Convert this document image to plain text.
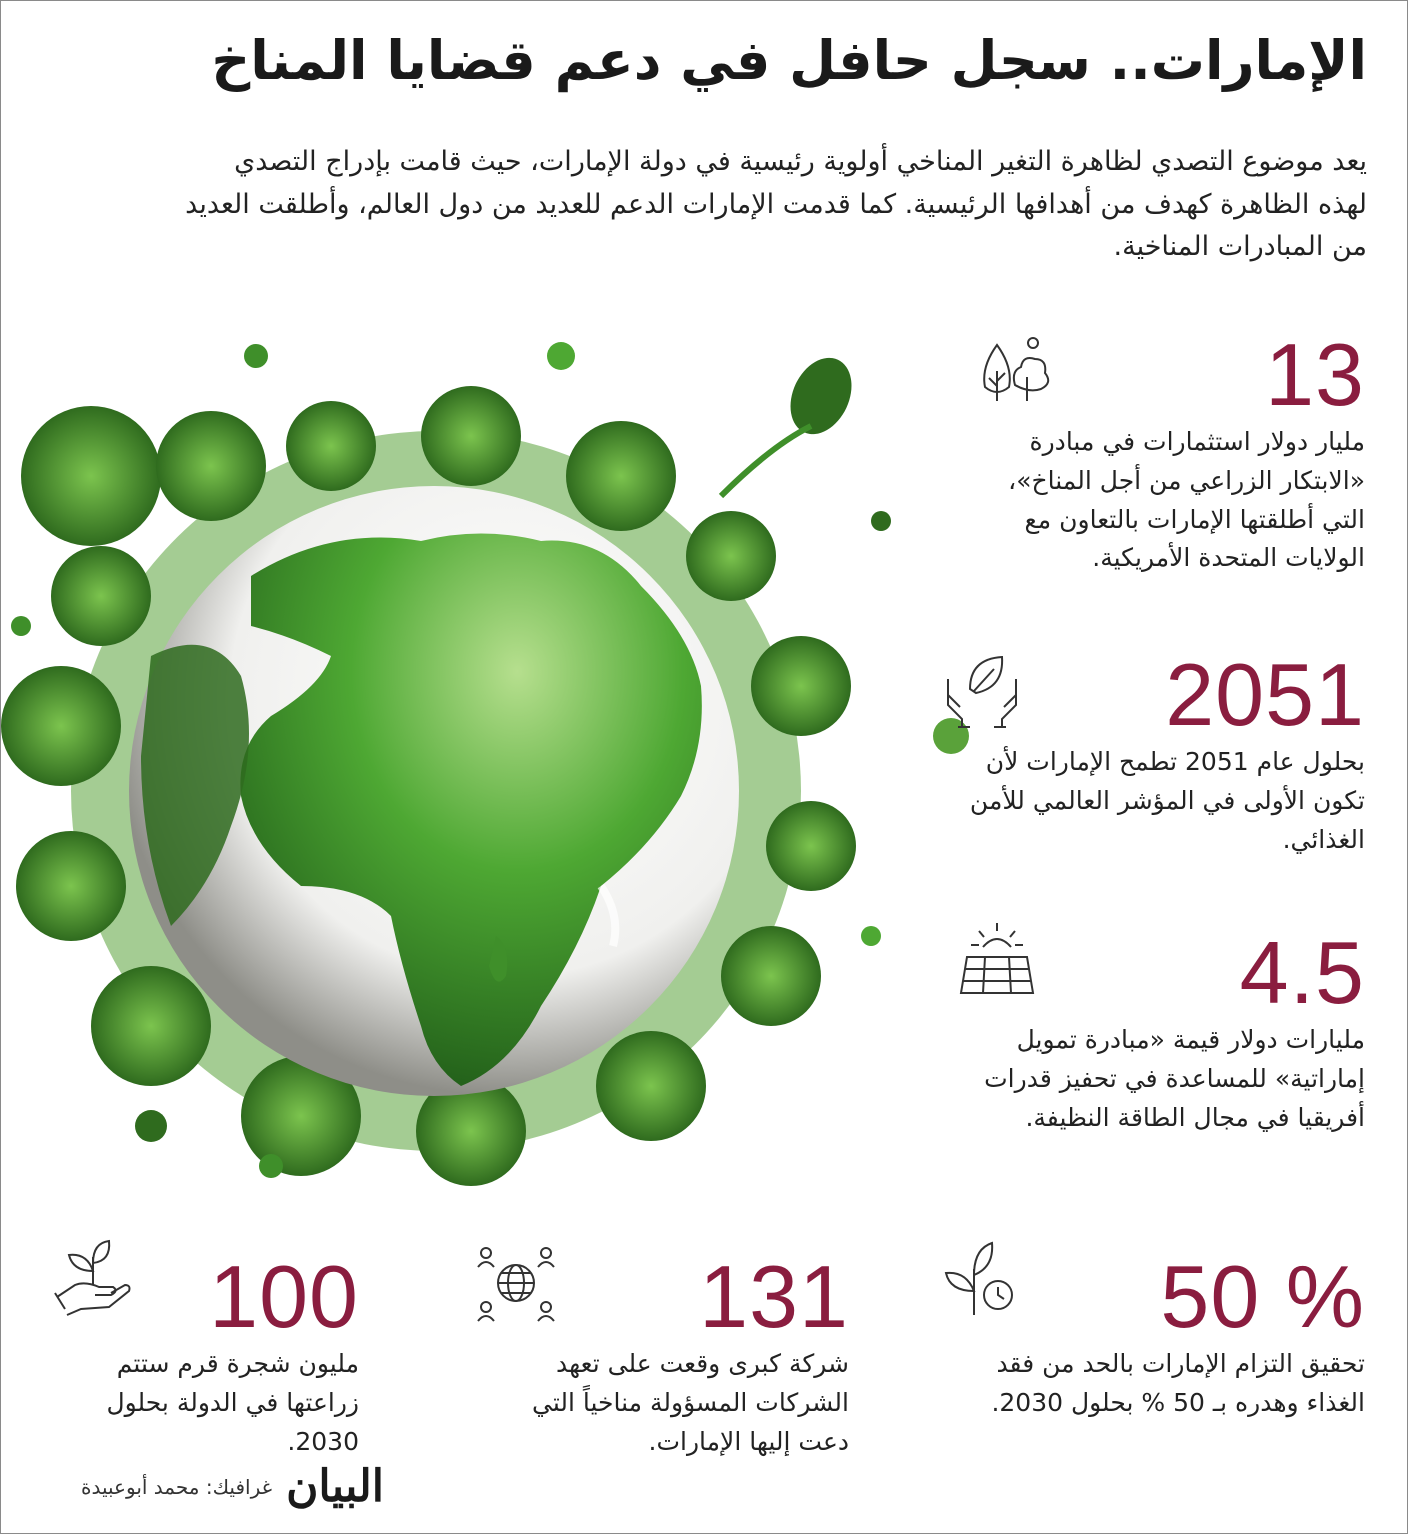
الإمارات.. سجل حافل في دعم قضايا المناخ

يعد موضوع التصدي لظاهرة التغير المناخي أولوية رئيسية في دولة الإمارات، حيث قامت بإدراج التصدي لهذه الظاهرة كهدف من أهدافها الرئيسية. كما قدمت الإمارات الدعم للعديد من دول العالم، وأطلقت العديد من المبادرات المناخية.

13
مليار دولار استثمارات في مبادرة «الابتكار الزراعي من أجل المناخ»، التي أطلقتها الإمارات بالتعاون مع الولايات المتحدة الأمريكية.
2051
بحلول عام 2051 تطمح الإمارات لأن تكون الأولى في المؤشر العالمي للأمن الغذائي.
4.5
مليارات دولار قيمة «مبادرة تمويل إماراتية» للمساعدة في تحفيز قدرات أفريقيا في مجال الطاقة النظيفة.
50 %
تحقيق التزام الإمارات بالحد من فقد الغذاء وهدره بـ 50 % بحلول 2030.
131
شركة كبرى وقعت على تعهد الشركات المسؤولة مناخياً التي دعت إليها الإمارات.
100
مليون شجرة قرم ستتم زراعتها في الدولة بحلول 2030.
البيان
غرافيك: محمد أبوعبيدة
